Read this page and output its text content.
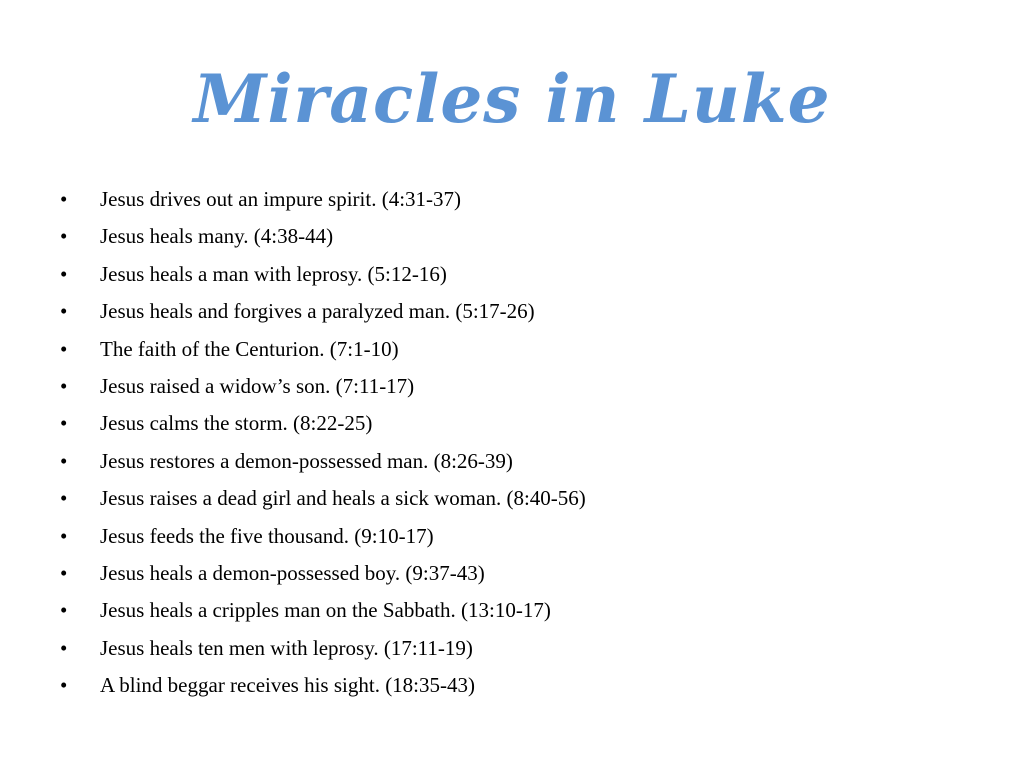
Miracles in Luke
•	Jesus drives out an impure spirit. (4:31-37)
•	Jesus heals many. (4:38-44)
•	Jesus heals a man with leprosy. (5:12-16)
•	Jesus heals and forgives a paralyzed man. (5:17-26)
•	The faith of the Centurion. (7:1-10)
•	Jesus raised a widow’s son. (7:11-17)
•	Jesus calms the storm. (8:22-25)
•	Jesus restores a demon-possessed man. (8:26-39)
•	Jesus raises a dead girl and heals a sick woman. (8:40-56)
•	Jesus feeds the five thousand. (9:10-17)
•	Jesus heals a demon-possessed boy. (9:37-43)
•	Jesus heals a cripples man on the Sabbath. (13:10-17)
•	Jesus heals ten men with leprosy. (17:11-19)
•	A blind beggar receives his sight. (18:35-43)
